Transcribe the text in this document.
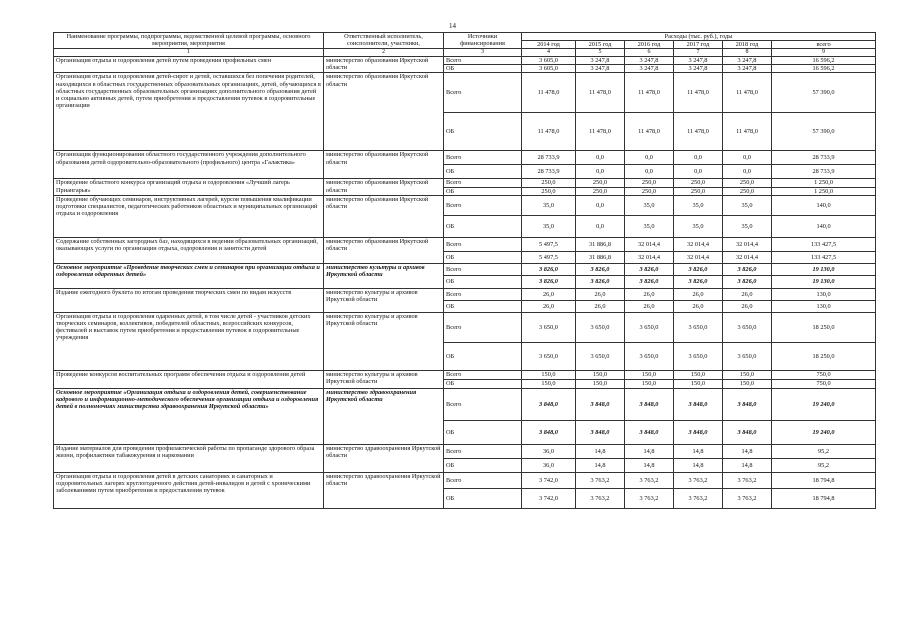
14
Наименование программы, подпрограммы, ведомственной целевой программы, основного мероприятия, мероприятия	Ответственный исполнитель, соисполнители, участники,	Источники финансирования	Расходы (тыс. руб.), годы					
			2014 год	2015 год	2016 год	2017 год	2018 год	всего
1	2	3	4	5	6	7	8	9
Организация отдыха и оздоровления детей путем проведения профильных смен	министерство образования Иркутской области	Всего	3 605,0	3 247,8	3 247,8	3 247,8	3 247,8	16 596,2
		ОБ	3 605,0	3 247,8	3 247,8	3 247,8	3 247,8	16 596,2
Организация отдыха и оздоровления детей-сирот и детей, оставшихся без попечения родителей, находящихся в областных государственных образовательных организациях, детей, обучающихся в областных государственных образовательных организациях дополнительного образования детей и социально активных детей, путем приобретения и предоставления путевок в оздоровительные организации	министерство образования Иркутской области	Всего	11 478,0	11 478,0	11 478,0	11 478,0	11 478,0	57 390,0
		ОБ	11 478,0	11 478,0	11 478,0	11 478,0	11 478,0	57 390,0
Организация функционирования областного государственного учреждения дополнительного образования детей оздоровительно-образовательного (профильного) центра «Галактика»	министерство образования Иркутской области	Всего	28 733,9	0,0	0,0	0,0	0,0	28 733,9
		ОБ	28 733,9	0,0	0,0	0,0	0,0	28 733,9
Проведение областного конкурса организаций отдыха и оздоровления «Лучший лагерь Приангарья»	министерство образования Иркутской области	Всего	250,0	250,0	250,0	250,0	250,0	1 250,0
		ОБ	250,0	250,0	250,0	250,0	250,0	1 250,0
Проведение обучающих семинаров, инструктивных лагерей, курсов повышения квалификации подготовки специалистов, педагогических работников областных и муниципальных организаций отдыха и оздоровления	министерство образования Иркутской области	Всего	35,0	0,0	35,0	35,0	35,0	140,0
		ОБ	35,0	0,0	35,0	35,0	35,0	140,0
Содержание собственных загородных баз, находящихся в ведении образовательных организаций, оказывающих услуги по организации отдыха, оздоровления и занятости детей	министерство образования Иркутской области	Всего	5 497,5	31 886,8	32 014,4	32 014,4	32 014,4	133 427,5
		ОБ	5 497,5	31 886,8	32 014,4	32 014,4	32 014,4	133 427,5
Основное мероприятие «Проведение творческих смен и семинаров при организации отдыха и оздоровления одаренных детей»	министерство культуры и архивов Иркутской области	Всего	3 826,0	3 826,0	3 826,0	3 826,0	3 826,0	19 130,0
		ОБ	3 826,0	3 826,0	3 826,0	3 826,0	3 826,0	19 130,0
Издание ежегодного буклета по итогам проведения творческих смен по видам искусств	министерство культуры и архивов Иркутской области	Всего	26,0	26,0	26,0	26,0	26,0	130,0
		ОБ	26,0	26,0	26,0	26,0	26,0	130,0
Организация отдыха и оздоровления одаренных детей, в том числе детей - участников детских творческих семинаров, коллективов, победителей областных, всероссийских конкурсов, фестивалей и выставок путем приобретения и предоставления путевок в оздоровительные учреждения	министерство культуры и архивов Иркутской области	Всего	3 650,0	3 650,0	3 650,0	3 650,0	3 650,0	18 250,0
		ОБ	3 650,0	3 650,0	3 650,0	3 650,0	3 650,0	18 250,0
Проведение конкурсов воспитательных программ обеспечения отдыха и оздоровления детей	министерство культуры и архивов Иркутской области	Всего	150,0	150,0	150,0	150,0	150,0	750,0
		ОБ	150,0	150,0	150,0	150,0	150,0	750,0
Основное мероприятие «Организация отдыха и оздоровления детей, совершенствование кадрового и информационно-методического обеспечения организации отдыха и оздоровления детей в полномочиях министерства здравоохранения Иркутской области»	министерство здравоохранения Иркутской области	Всего	3 848,0	3 848,0	3 848,0	3 848,0	3 848,0	19 240,0
		ОБ	3 848,0	3 848,0	3 848,0	3 848,0	3 848,0	19 240,0
Издание материалов для проведения профилактической работы по пропаганде здорового образа жизни, профилактики табакокурения и наркомании	министерство здравоохранения Иркутской области	Всего	36,0	14,8	14,8	14,8	14,8	95,2
		ОБ	36,0	14,8	14,8	14,8	14,8	95,2
Организация отдыха и оздоровления детей в детских санаториях и санаторных и оздоровительных лагерях круглогодичного действия детей-инвалидов и детей с хроническими заболеваниями путем приобретения и предоставления путевок	министерство здравоохранения Иркутской области	Всего	3 742,0	3 763,2	3 763,2	3 763,2	3 763,2	18 794,8
		ОБ	3 742,0	3 763,2	3 763,2	3 763,2	3 763,2	18 794,8
